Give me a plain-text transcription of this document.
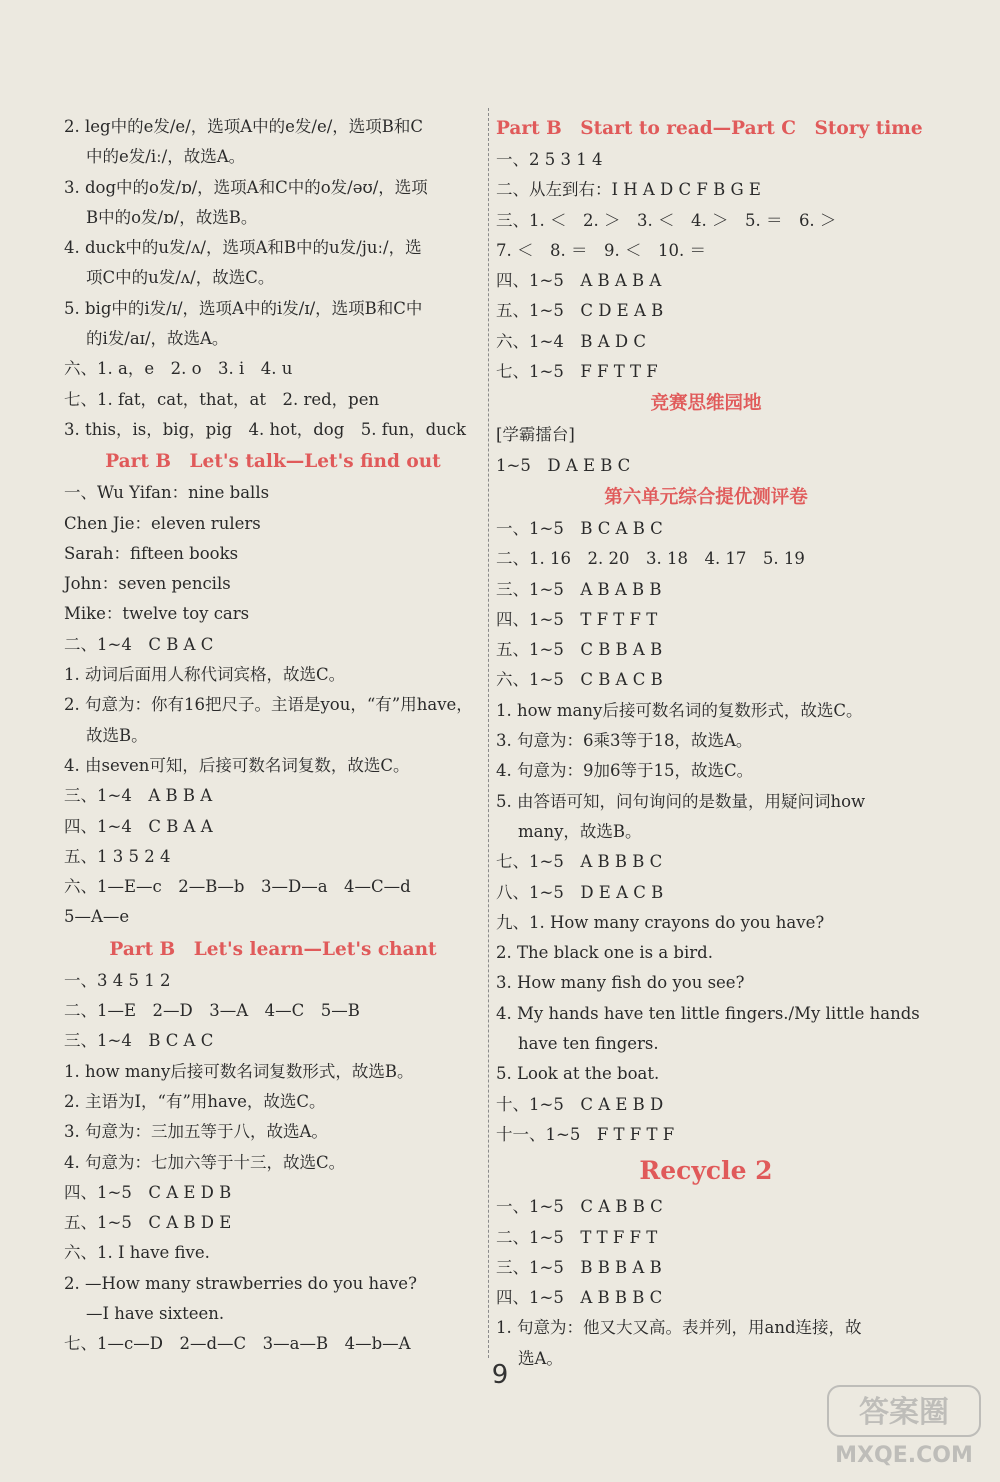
2. leg中的e发/e/，选项A中的e发/e/，选项B和C
中的e发/iː/，故选A。
3. dog中的o发/ɒ/，选项A和C中的o发/əʊ/，选项
B中的o发/ɒ/，故选B。
4. duck中的u发/ʌ/，选项A和B中的u发/juː/，选
项C中的u发/ʌ/，故选C。
5. big中的i发/ɪ/，选项A中的i发/ɪ/，选项B和C中
的i发/aɪ/，故选A。
六、1. a，e　2. o　3. i　4. u
七、1. fat，cat，that，at　2. red，pen
3. this，is，big，pig　4. hot，dog　5. fun，duck
Part B　Let's talk—Let's find out
一、Wu Yifan：nine balls
Chen Jie：eleven rulers
Sarah：fifteen books
John：seven pencils
Mike：twelve toy cars
二、1~4　C B A C
1. 动词后面用人称代词宾格，故选C。
2. 句意为：你有16把尺子。主语是you，“有”用have，
故选B。
4. 由seven可知，后接可数名词复数，故选C。
三、1~4　A B B A
四、1~4　C B A A
五、1 3 5 2 4
六、1—E—c　2—B—b　3—D—a　4—C—d
5—A—e
Part B　Let's learn—Let's chant
一、3 4 5 1 2
二、1—E　2—D　3—A　4—C　5—B
三、1~4　B C A C
1. how many后接可数名词复数形式，故选B。
2. 主语为I，“有”用have，故选C。
3. 句意为：三加五等于八，故选A。
4. 句意为：七加六等于十三，故选C。
四、1~5　C A E D B
五、1~5　C A B D E
六、1. I have five.
2. —How many strawberries do you have?
—I have sixteen.
七、1—c—D　2—d—C　3—a—B　4—b—A
Part B　Start to read—Part C　Story time
一、2 5 3 1 4
二、从左到右：I H A D C F B G E
三、1. ＜　2. ＞　3. ＜　4. ＞　5. ＝　6. ＞
7. ＜　8. ＝　9. ＜　10. ＝
四、1~5　A B A B A
五、1~5　C D E A B
六、1~4　B A D C
七、1~5　F F T T F
竞赛思维园地
[学霸擂台]
1~5　D A E B C
第六单元综合提优测评卷
一、1~5　B C A B C
二、1. 16　2. 20　3. 18　4. 17　5. 19
三、1~5　A B A B B
四、1~5　T F T F T
五、1~5　C B B A B
六、1~5　C B A C B
1. how many后接可数名词的复数形式，故选C。
3. 句意为：6乘3等于18，故选A。
4. 句意为：9加6等于15，故选C。
5. 由答语可知，问句询问的是数量，用疑问词how
many，故选B。
七、1~5　A B B B C
八、1~5　D E A C B
九、1. How many crayons do you have?
2. The black one is a bird.
3. How many fish do you see?
4. My hands have ten little fingers./My little hands
have ten fingers.
5. Look at the boat.
十、1~5　C A E B D
十一、1~5　F T F T F
Recycle 2
一、1~5　C A B B C
二、1~5　T T F F T
三、1~5　B B B A B
四、1~5　A B B B C
1. 句意为：他又大又高。表并列，用and连接，故
选A。
9
答案圈
MXQE.COM
